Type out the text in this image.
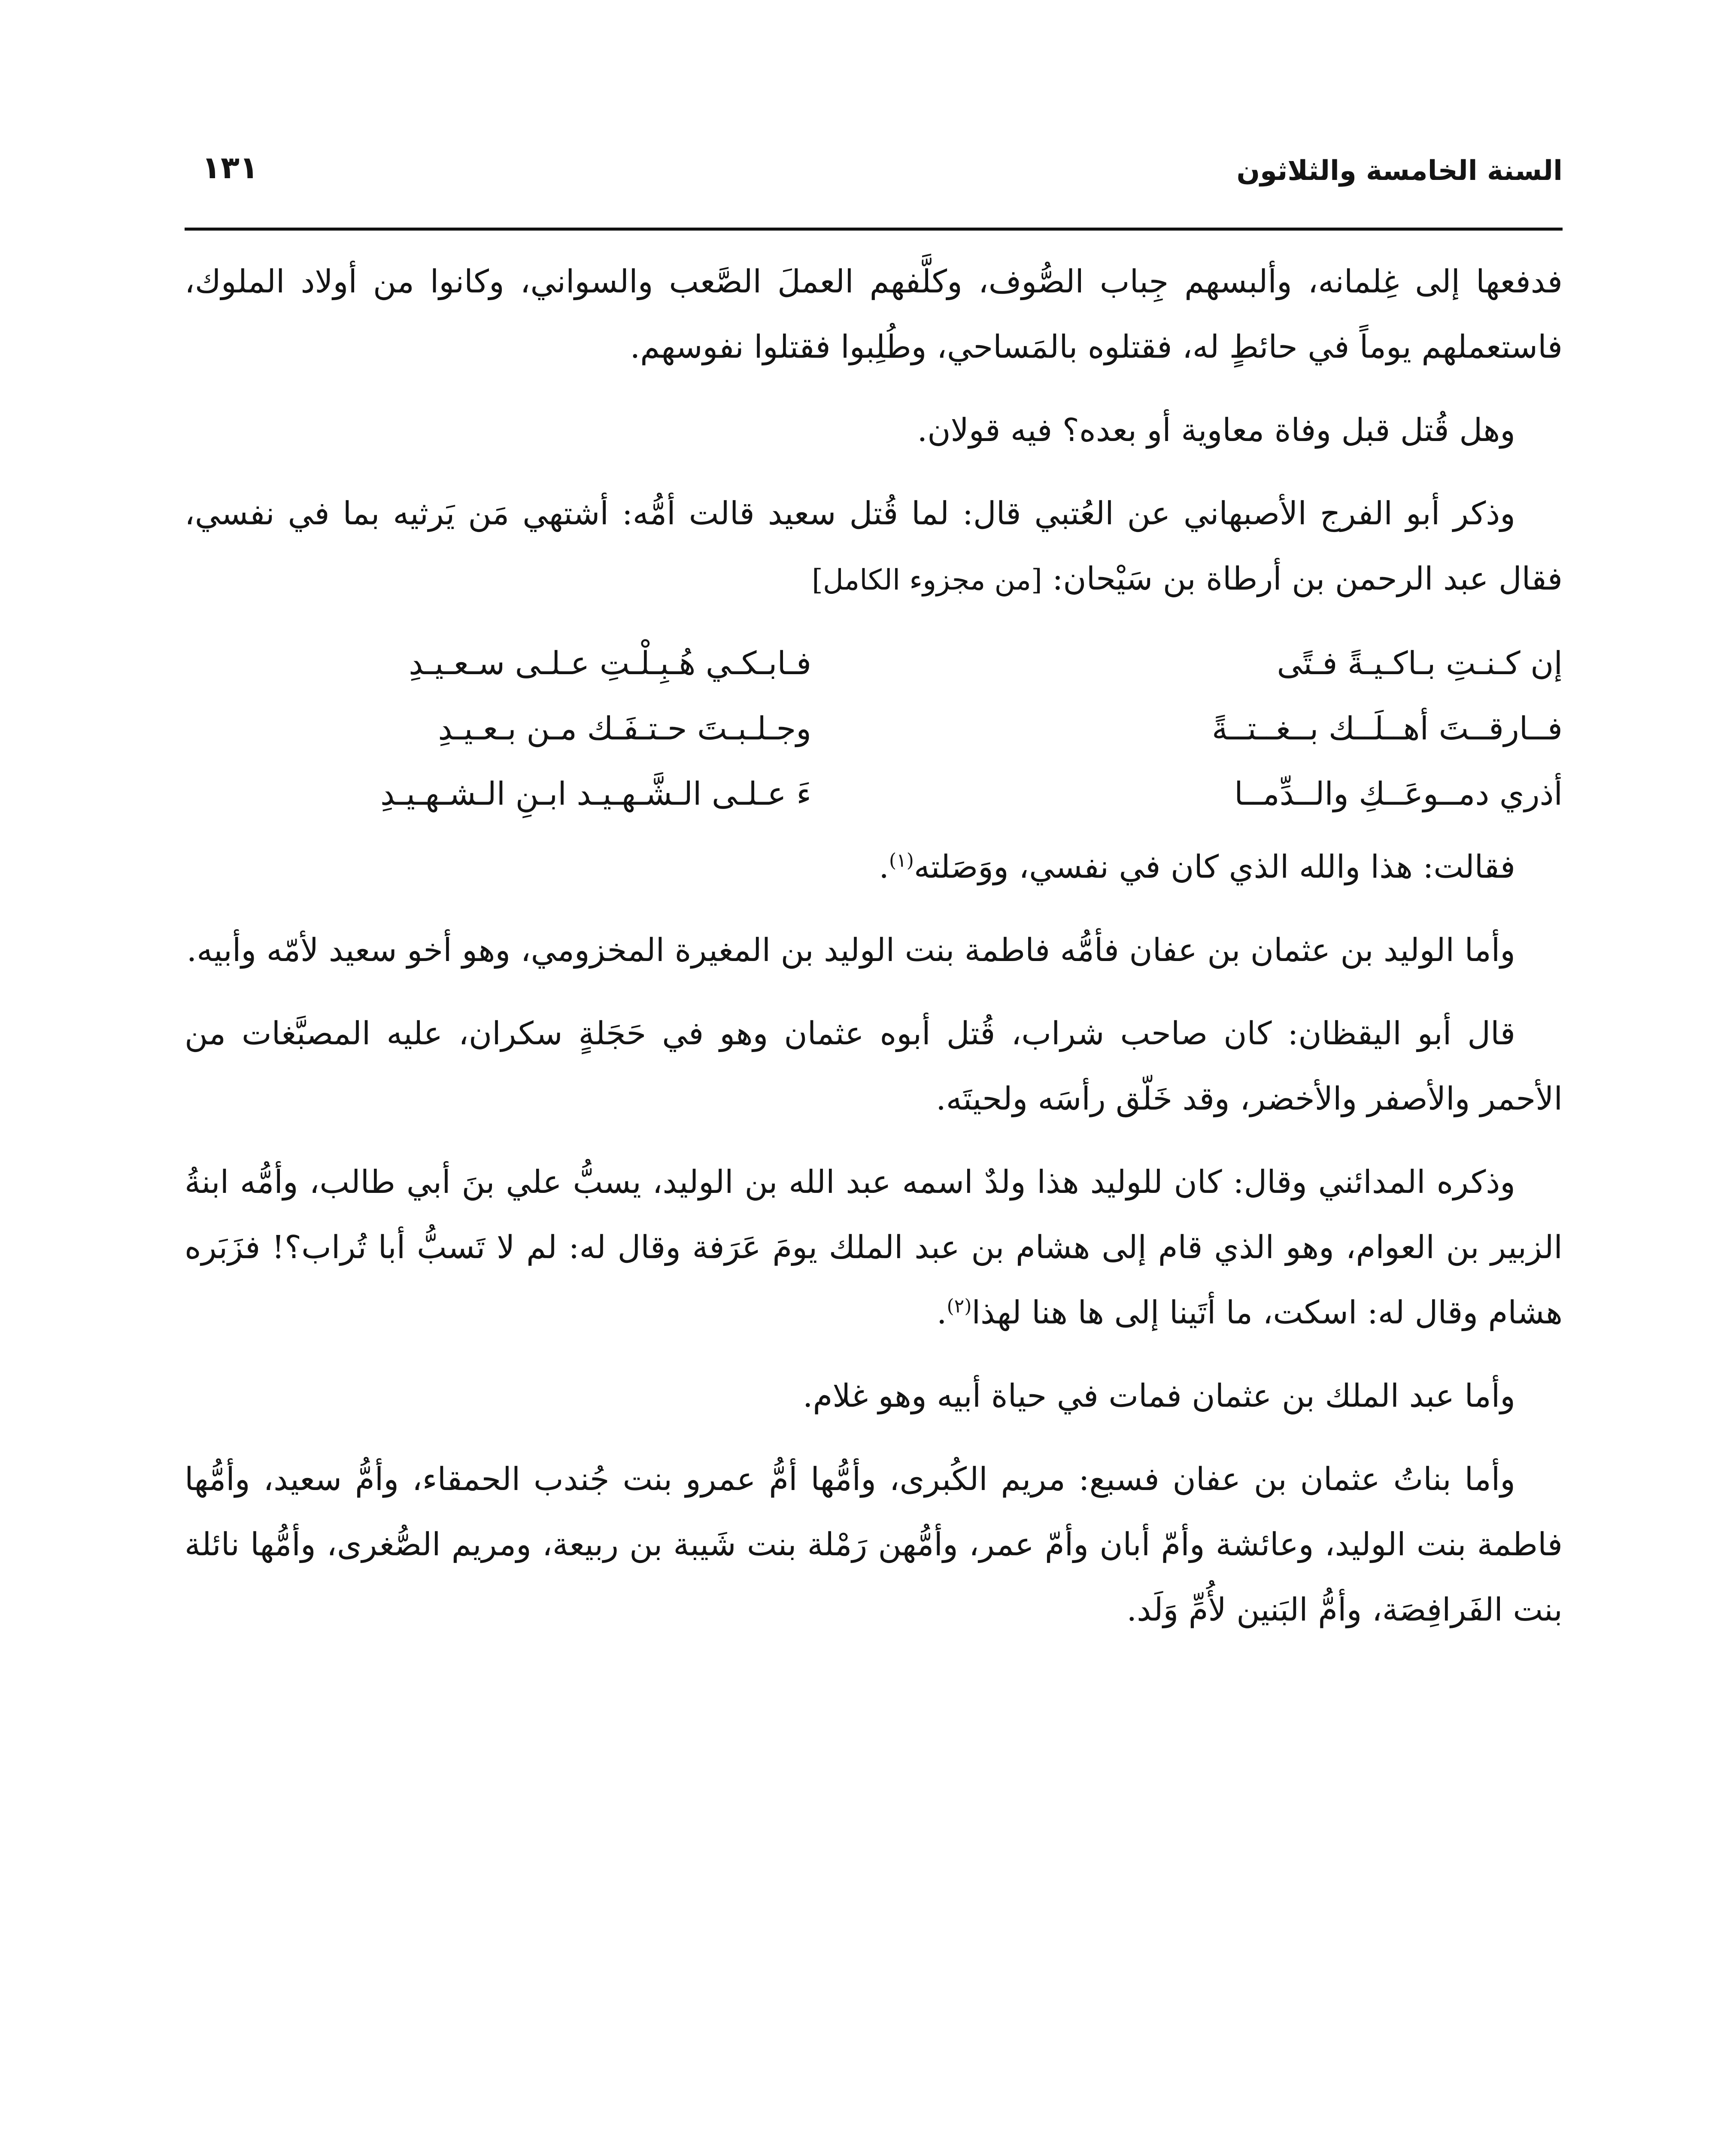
السنة الخامسة والثلاثون
١٣١

فدفعها إلى غِلمانه، وألبسهم جِباب الصُّوف، وكلَّفهم العملَ الصَّعب والسواني، وكانوا من أولاد الملوك، فاستعملهم يوماً في حائطٍ له، فقتلوه بالمَساحي، وطُلِبوا فقتلوا نفوسهم.

وهل قُتل قبل وفاة معاوية أو بعده؟ فيه قولان.

وذكر أبو الفرج الأصبهاني عن العُتبي قال: لما قُتل سعيد قالت أمُّه: أشتهي مَن يَرثيه بما في نفسي، فقال عبد الرحمن بن أرطاة بن سَيْحان: [من مجزوء الكامل]

إن كـنـتِ بـاكـيـةً فـتًى
فـابـكـي هُـبِـلْـتِ عـلـى سـعـيـدِ
فــارقــتَ أهــلَــك بــغــتــةً
وجـلـبـتَ حـتـفَـك مـن بـعـيـدِ
أذري دمــوعَــكِ والــدِّمــا
ءَ عـلـى الـشَّـهـيـد ابـنِ الـشـهـيـدِ

فقالت: هذا والله الذي كان في نفسي، ووَصَلته$^{(١)}$.

وأما الوليد بن عثمان بن عفان فأمُّه فاطمة بنت الوليد بن المغيرة المخزومي، وهو أخو سعيد لأمّه وأبيه.

قال أبو اليقظان: كان صاحب شراب، قُتل أبوه عثمان وهو في حَجَلةٍ سكران، عليه المصبَّغات من الأحمر والأصفر والأخضر، وقد خَلّق رأسَه ولحيتَه.

وذكره المدائني وقال: كان للوليد هذا ولدٌ اسمه عبد الله بن الوليد، يسبُّ علي بنَ أبي طالب، وأمُّه ابنةُ الزبير بن العوام، وهو الذي قام إلى هشام بن عبد الملك يومَ عَرَفة وقال له: لم لا تَسبُّ أبا تُراب؟! فزَبَره هشام وقال له: اسكت، ما أتَينا إلى ها هنا لهذا$^{(٢)}$.

وأما عبد الملك بن عثمان فمات في حياة أبيه وهو غلام.

وأما بناتُ عثمان بن عفان فسبع: مريم الكُبرى، وأمُّها أمُّ عمرو بنت جُندب الحمقاء، وأمُّ سعيد، وأمُّها فاطمة بنت الوليد، وعائشة وأمّ أبان وأمّ عمر، وأمُّهن رَمْلة بنت شَيبة بن ربيعة، ومريم الصُّغرى، وأمُّها نائلة بنت الفَرافِصَة، وأمُّ البَنين لأُمِّ وَلَد.
